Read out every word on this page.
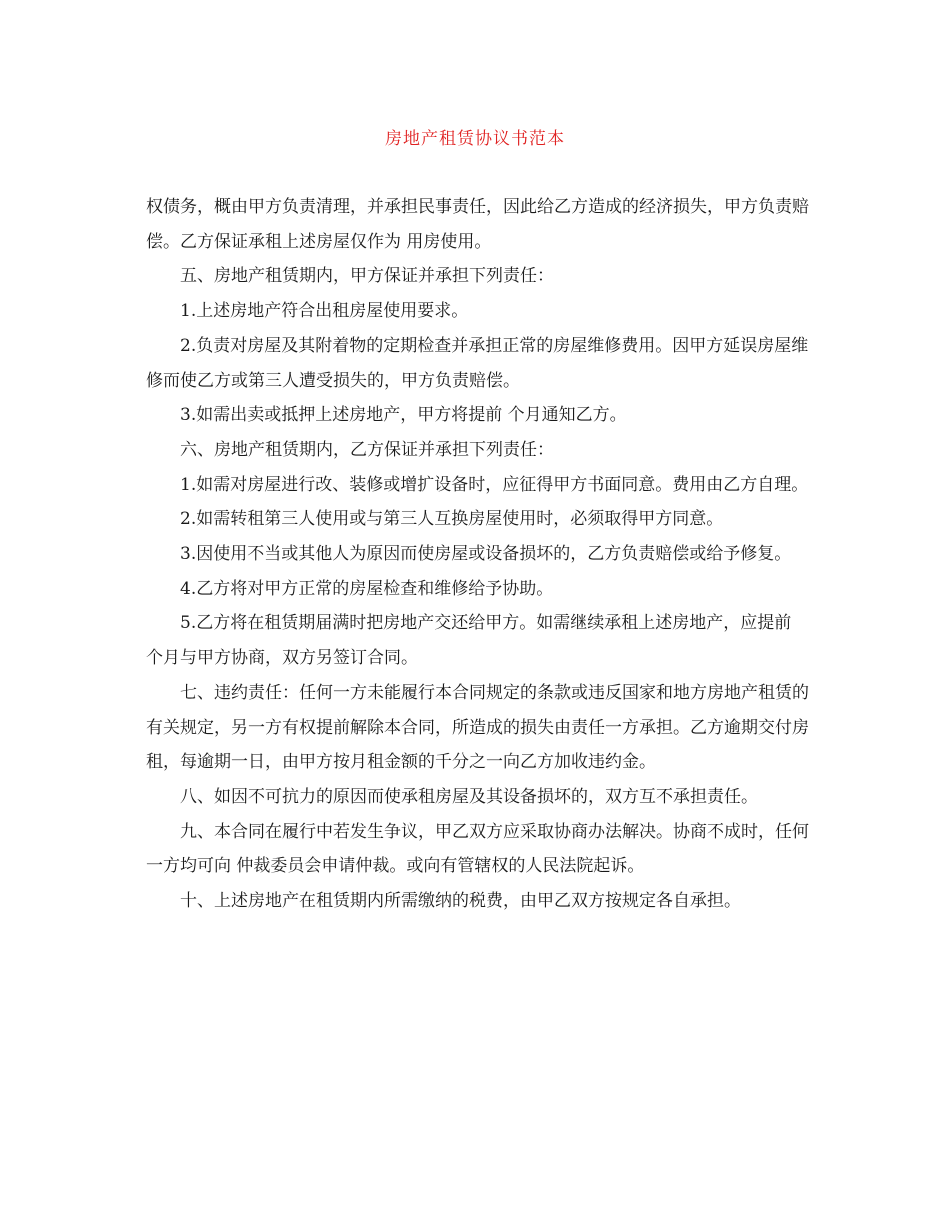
房地产租赁协议书范本

权债务，概由甲方负责清理，并承担民事责任，因此给乙方造成的经济损失，甲方负责赔偿。乙方保证承租上述房屋仅作为 用房使用。

五、房地产租赁期内，甲方保证并承担下列责任：

1.上述房地产符合出租房屋使用要求。

2.负责对房屋及其附着物的定期检查并承担正常的房屋维修费用。因甲方延误房屋维修而使乙方或第三人遭受损失的，甲方负责赔偿。

3.如需出卖或抵押上述房地产，甲方将提前 个月通知乙方。

六、房地产租赁期内，乙方保证并承担下列责任：

1.如需对房屋进行改、装修或增扩设备时，应征得甲方书面同意。费用由乙方自理。

2.如需转租第三人使用或与第三人互换房屋使用时，必须取得甲方同意。

3.因使用不当或其他人为原因而使房屋或设备损坏的，乙方负责赔偿或给予修复。

4.乙方将对甲方正常的房屋检查和维修给予协助。

5.乙方将在租赁期届满时把房地产交还给甲方。如需继续承租上述房地产，应提前 个月与甲方协商，双方另签订合同。

七、违约责任：任何一方未能履行本合同规定的条款或违反国家和地方房地产租赁的有关规定，另一方有权提前解除本合同，所造成的损失由责任一方承担。乙方逾期交付房租，每逾期一日，由甲方按月租金额的千分之一向乙方加收违约金。

八、如因不可抗力的原因而使承租房屋及其设备损坏的，双方互不承担责任。

九、本合同在履行中若发生争议，甲乙双方应采取协商办法解决。协商不成时，任何一方均可向 仲裁委员会申请仲裁。或向有管辖权的人民法院起诉。

十、上述房地产在租赁期内所需缴纳的税费，由甲乙双方按规定各自承担。
